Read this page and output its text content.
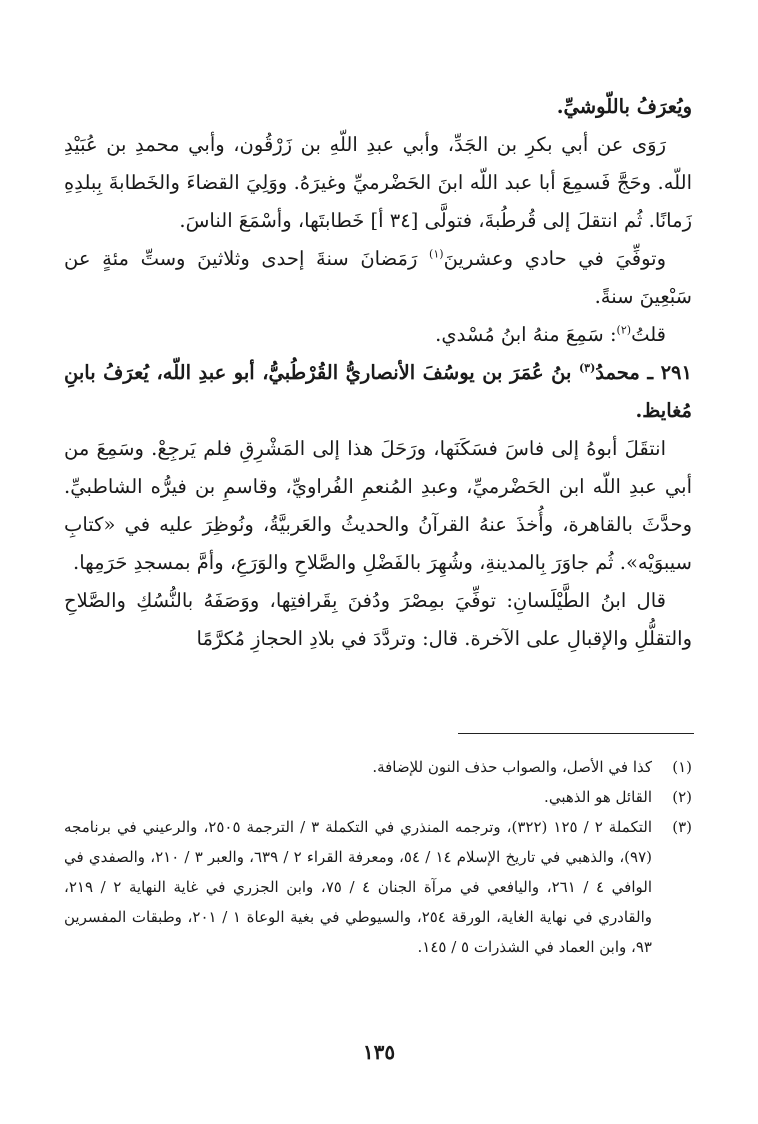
ويُعرَفُ باللّوشيِّ.

رَوَى عن أبي بكرِ بن الجَدِّ، وأبي عبدِ اللّهِ بن زَرْقُون، وأبي محمدِ بن عُبَيْدِ اللّه. وحَجَّ فَسمِعَ أبا عبد اللّه ابنَ الحَضْرميِّ وغيرَهُ. ووَلِيَ القضاءَ والخَطابةَ بِبلدِهِ زَمانًا. ثُم انتقلَ إلى قُرطُبةَ، فتولَّى [٣٤ أ] خَطابتَها، وأسْمَعَ الناسَ.

وتوفِّيَ في حادي وعشرينَ$^{(١)}$ رَمَضانَ سنةَ إحدى وثلاثينَ وستِّ مئةٍ عن سَبْعِينَ سنةً.

قلتُ$^{(٢)}$: سَمِعَ منهُ ابنُ مُسْدي.

٢٩١ ـ محمدُ$^{(٣)}$ بنُ عُمَرَ بن يوسُفَ الأنصاريُّ القُرْطُبيُّ، أبو عبدِ اللّه، يُعرَفُ بابنِ مُغايظ.

انتقَلَ أبوهُ إلى فاسَ فسَكَنَها، ورَحَلَ هذا إلى المَشْرِقِ فلم يَرجِعْ. وسَمِعَ من أبي عبدِ اللّه ابن الحَضْرميِّ، وعبدِ المُنعمِ الفُراويِّ، وقاسمِ بن فيرُّه الشاطبيِّ. وحدَّثَ بالقاهرة، وأُخذَ عنهُ القرآنُ والحديثُ والعَربيَّةُ، ونُوظِرَ عليه في «كتابِ سيبوَيْه». ثُم جاوَرَ بِالمدينةِ، وشُهِرَ بالفَضْلِ والصَّلاحِ والوَرَعِ، وأمَّ بمسجدِ حَرَمِها.

قال ابنُ الطَّيْلَسانِ: توفِّيَ بمِصْرَ ودُفنَ بِقَرافتِها، ووَصَفَهُ بالنُّسُكِ والصَّلاحِ والتقلُّلِ والإقبالِ على الآخرة. قال: وتردَّدَ في بلادِ الحجازِ مُكرَّمًا

(١)
كذا في الأصل، والصواب حذف النون للإضافة.
(٢)
القائل هو الذهبي.
(٣)
التكملة ٢ / ١٢٥ (٣٢٢)، وترجمه المنذري في التكملة ٣ / الترجمة ٢٥٠٥، والرعيني في برنامجه (٩٧)، والذهبي في تاريخ الإسلام ١٤ / ٥٤، ومعرفة القراء ٢ / ٦٣٩، والعبر ٣ / ٢١٠، والصفدي في الوافي ٤ / ٢٦١، واليافعي في مرآة الجنان ٤ / ٧٥، وابن الجزري في غاية النهاية ٢ / ٢١٩، والقادري في نهاية الغاية، الورقة ٢٥٤، والسيوطي في بغية الوعاة ١ / ٢٠١، وطبقات المفسرين ٩٣، وابن العماد في الشذرات ٥ / ١٤٥.
١٣٥
